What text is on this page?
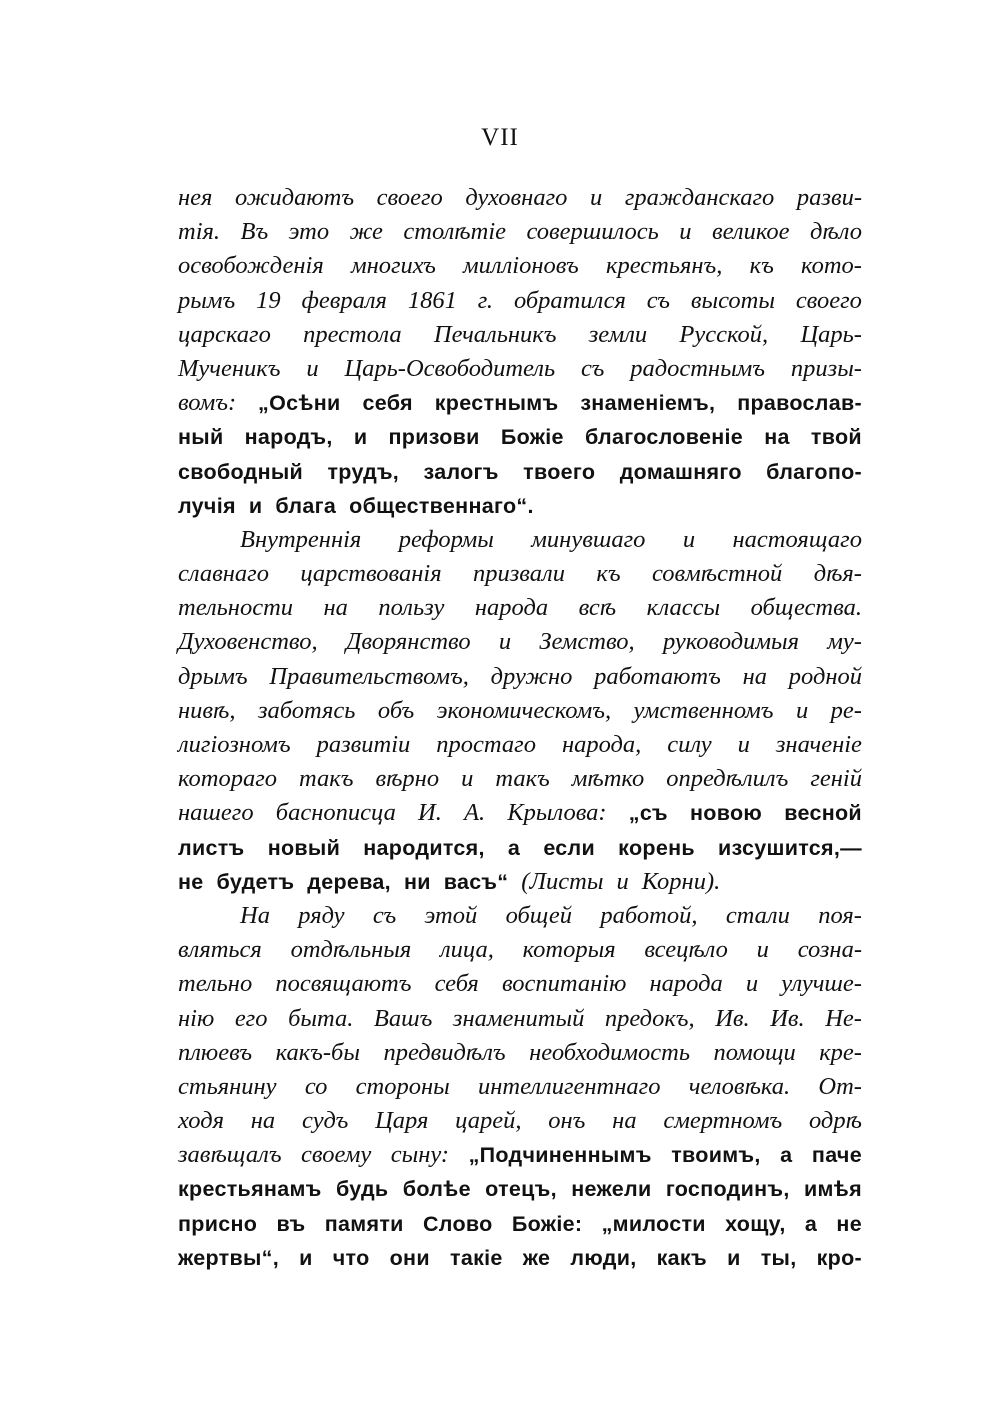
VII
нея ожидаютъ своего духовнаго и гражданскаго разви-
тія. Въ это же столѣтіе совершилось и великое дѣло
освобожденія многихъ милліоновъ крестьянъ, къ кото-
рымъ 19 февраля 1861 г. обратился съ высоты своего
царскаго престола Печальникъ земли Русской, Царь-
Мученикъ и Царь-Освободитель съ радостнымъ призы-
вомъ: „Осѣни себя крестнымъ знаменіемъ, православ-
ный народъ, и призови Божіе благословеніе на твой
свободный трудъ, залогъ твоего домашняго благопо-
лучія и блага общественнаго“.
Внутреннія реформы минувшаго и настоящаго
славнаго царствованія призвали къ совмѣстной дѣя-
тельности на пользу народа всѣ классы общества.
Духовенство, Дворянство и Земство, руководимыя му-
дрымъ Правительствомъ, дружно работаютъ на родной
нивѣ, заботясь объ экономическомъ, умственномъ и ре-
лигіозномъ развитіи простаго народа, силу и значеніе
котораго такъ вѣрно и такъ мѣтко опредѣлилъ геній
нашего баснописца И. А. Крылова: „съ новою весной
листъ новый народится, а если корень изсушится,—
не будетъ дерева, ни васъ“ (Листы и Корни).
На ряду съ этой общей работой, стали поя-
вляться отдѣльныя лица, которыя всецѣло и созна-
тельно посвящаютъ себя воспитанію народа и улучше-
нію его быта. Вашъ знаменитый предокъ, Ив. Ив. Не-
плюевъ какъ-бы предвидѣлъ необходимость помощи кре-
стьянину со стороны интеллигентнаго человѣка. От-
ходя на судъ Царя царей, онъ на смертномъ одрѣ
завѣщалъ своему сыну: „Подчиненнымъ твоимъ, а паче
крестьянамъ будь болѣе отецъ, нежели господинъ, имѣя
присно въ памяти Слово Божіе: „милости хощу, а не
жертвы“, и что они такіе же люди, какъ и ты, кро-
